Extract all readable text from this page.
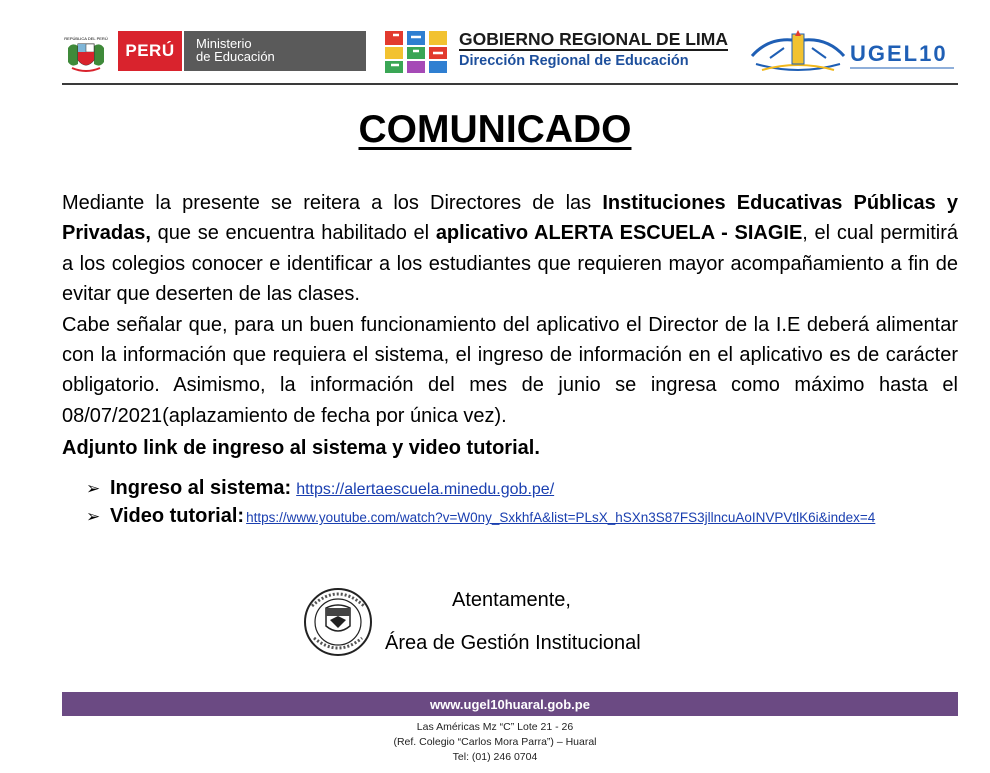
REPÚBLICA DEL PERÚ
PERÚ	Ministerio
de Educación
GOBIERNO REGIONAL DE LIMA
Dirección Regional de Educación	UGEL10
COMUNICADO

Mediante la presente se reitera a los Directores de las Instituciones Educativas Públicas y Privadas, que se encuentra habilitado el aplicativo ALERTA ESCUELA - SIAGIE, el cual permitirá a los colegios conocer e identificar a los estudiantes que requieren mayor acompañamiento a fin de evitar que deserten de las clases.

Cabe señalar que, para un buen funcionamiento del aplicativo el Director de la I.E deberá alimentar con la información que requiera el sistema, el ingreso de información en el aplicativo es de carácter obligatorio. Asimismo, la información del mes de junio se ingresa como máximo hasta el 08/07/2021(aplazamiento de fecha por única vez).

Adjunto link de ingreso al sistema y video tutorial.

➢ Ingreso al sistema: https://alertaescuela.minedu.gob.pe/
➢ Video tutorial: https://www.youtube.com/watch?v=W0ny_SxkhfA&list=PLsX_hSXn3S87FS3jllncuAoINVPVtlK6i&index=4
Atentamente,
Área de Gestión Institucional
www.ugel10huaral.gob.pe
Las Américas Mz “C” Lote 21 - 26
(Ref. Colegio “Carlos Mora Parra”) – Huaral
Tel: (01) 246 0704
